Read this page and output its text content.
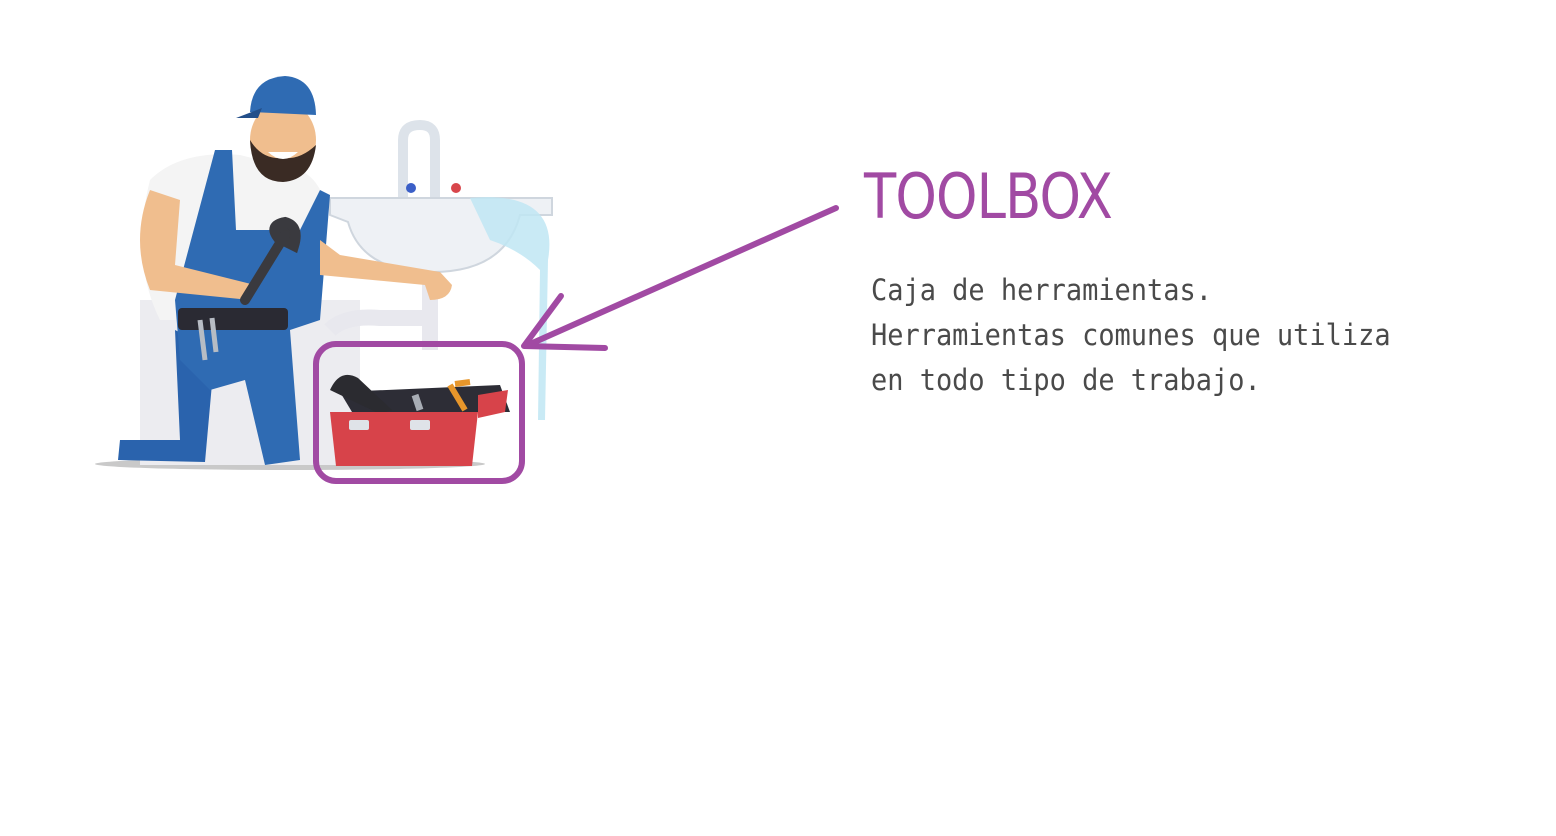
TOOLBOX
Caja de herramientas.
Herramientas comunes que utiliza
en todo tipo de trabajo.
